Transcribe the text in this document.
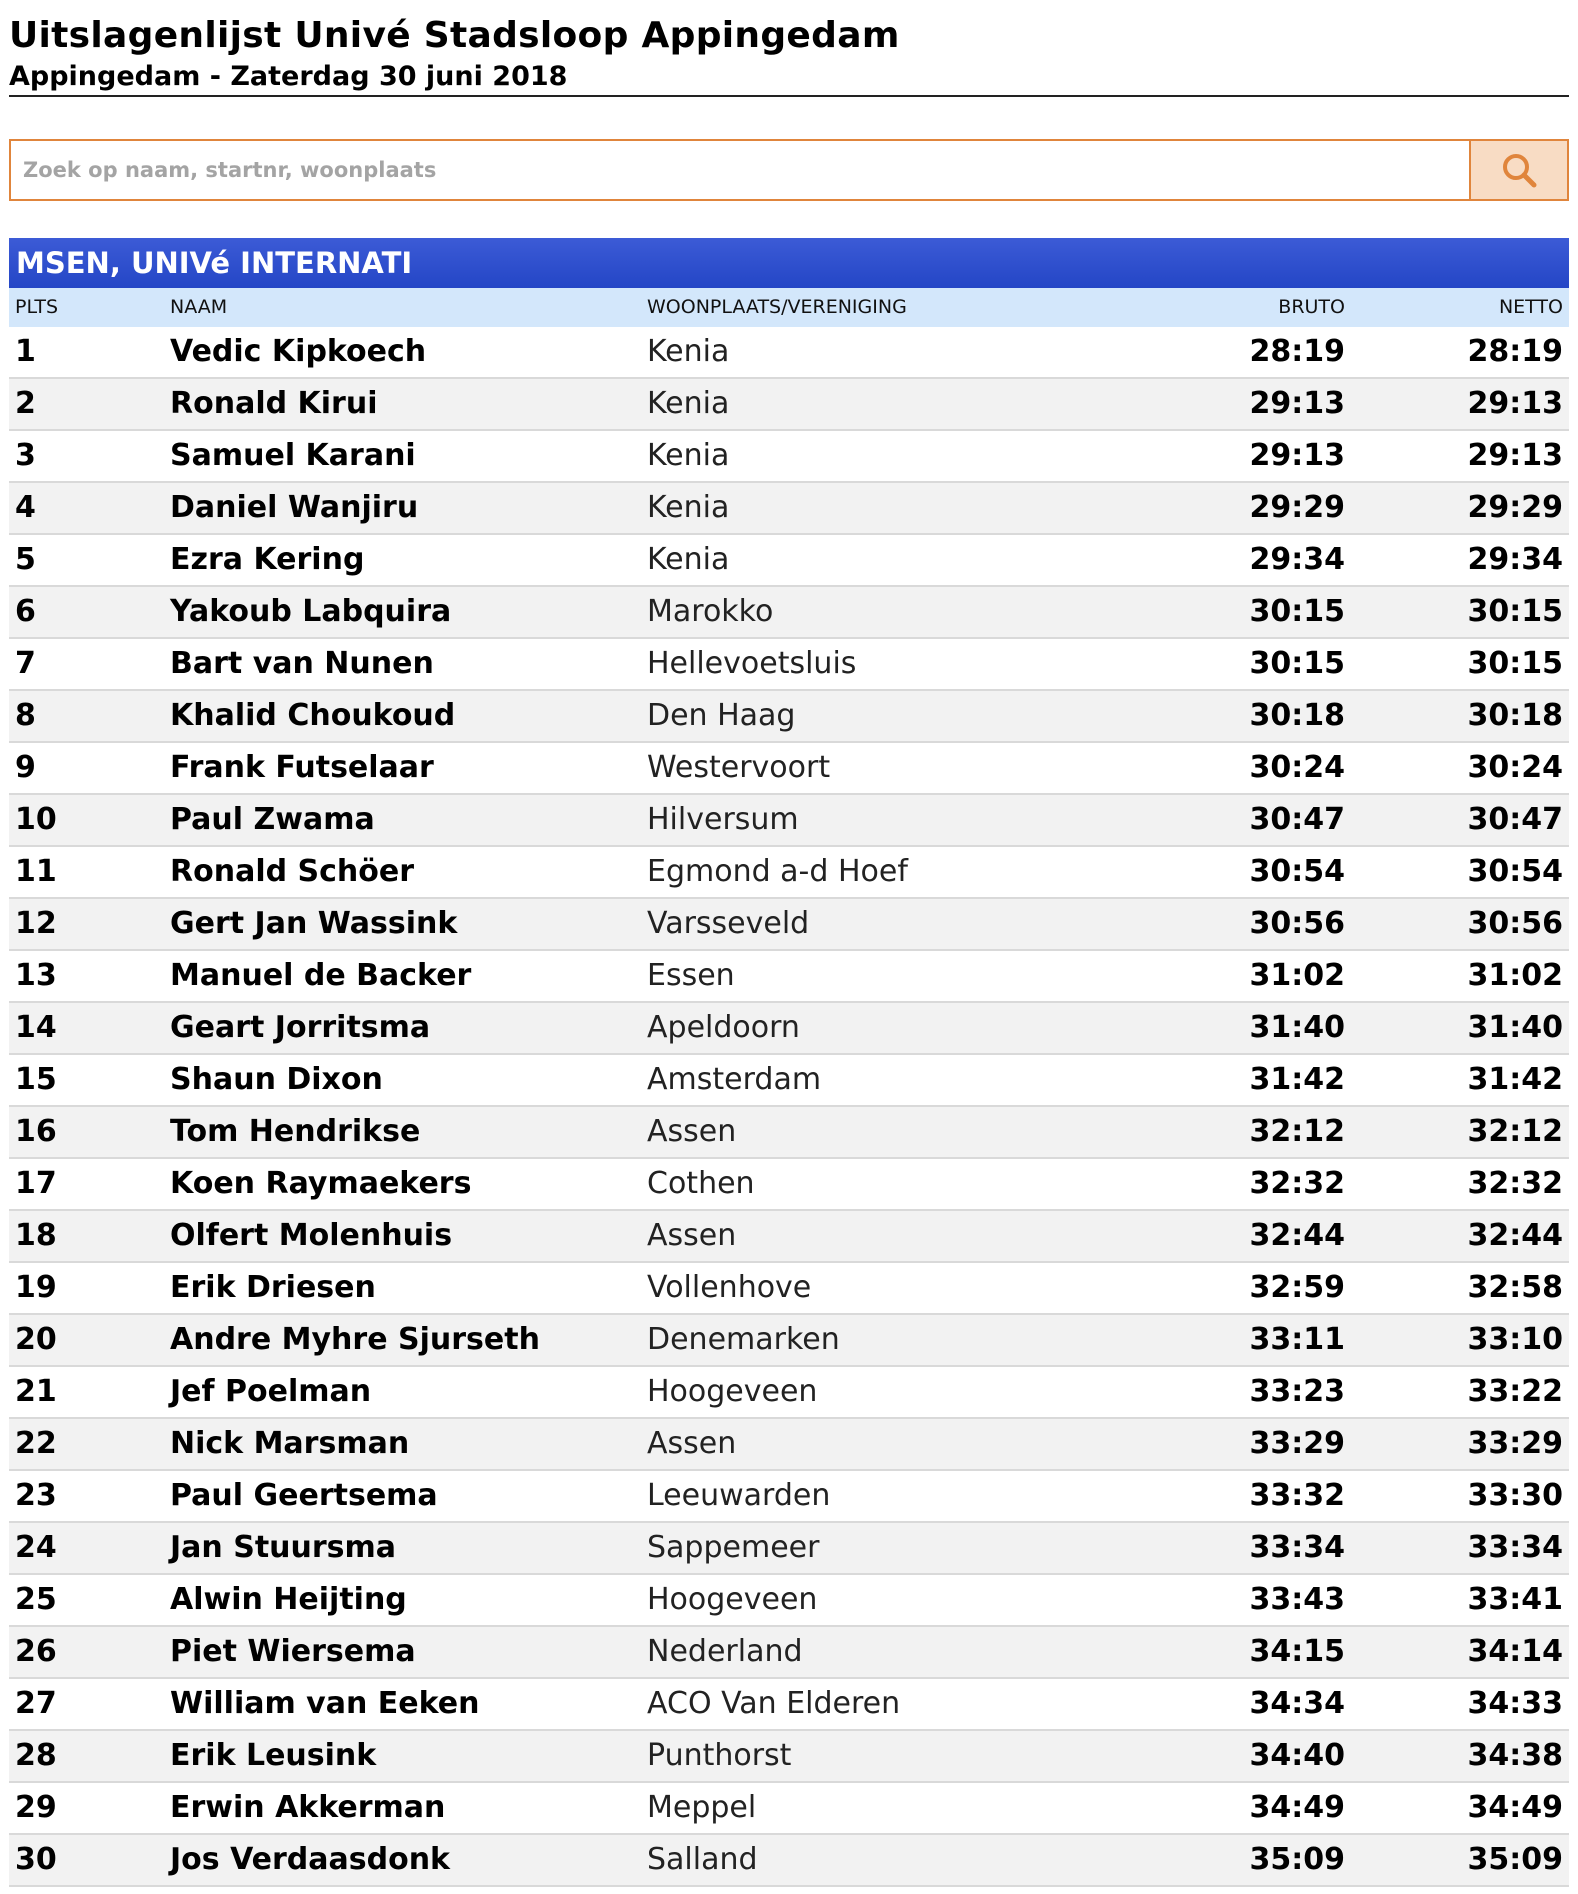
Uitslagenlijst Univé Stadsloop Appingedam
Appingedam - Zaterdag 30 juni 2018
Zoek op naam, startnr, woonplaats
MSEN, UNIVé INTERNATI
PLTS	NAAM	WOONPLAATS/VERENIGING	BRUTO	NETTO
1	Vedic Kipkoech	Kenia	28:19	28:19
2	Ronald Kirui	Kenia	29:13	29:13
3	Samuel Karani	Kenia	29:13	29:13
4	Daniel Wanjiru	Kenia	29:29	29:29
5	Ezra Kering	Kenia	29:34	29:34
6	Yakoub Labquira	Marokko	30:15	30:15
7	Bart van Nunen	Hellevoetsluis	30:15	30:15
8	Khalid Choukoud	Den Haag	30:18	30:18
9	Frank Futselaar	Westervoort	30:24	30:24
10	Paul Zwama	Hilversum	30:47	30:47
11	Ronald Schöer	Egmond a-d Hoef	30:54	30:54
12	Gert Jan Wassink	Varsseveld	30:56	30:56
13	Manuel de Backer	Essen	31:02	31:02
14	Geart Jorritsma	Apeldoorn	31:40	31:40
15	Shaun Dixon	Amsterdam	31:42	31:42
16	Tom Hendrikse	Assen	32:12	32:12
17	Koen Raymaekers	Cothen	32:32	32:32
18	Olfert Molenhuis	Assen	32:44	32:44
19	Erik Driesen	Vollenhove	32:59	32:58
20	Andre Myhre Sjurseth	Denemarken	33:11	33:10
21	Jef Poelman	Hoogeveen	33:23	33:22
22	Nick Marsman	Assen	33:29	33:29
23	Paul Geertsema	Leeuwarden	33:32	33:30
24	Jan Stuursma	Sappemeer	33:34	33:34
25	Alwin Heijting	Hoogeveen	33:43	33:41
26	Piet Wiersema	Nederland	34:15	34:14
27	William van Eeken	ACO Van Elderen	34:34	34:33
28	Erik Leusink	Punthorst	34:40	34:38
29	Erwin Akkerman	Meppel	34:49	34:49
30	Jos Verdaasdonk	Salland	35:09	35:09
